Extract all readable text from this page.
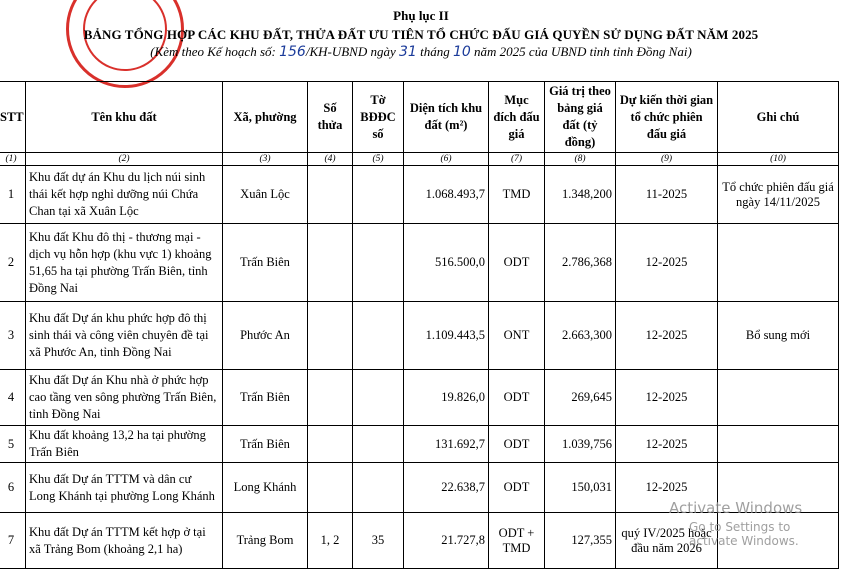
Phụ lục II
BẢNG TỔNG HỢP CÁC KHU ĐẤT, THỬA ĐẤT ƯU TIÊN TỔ CHỨC ĐẤU GIÁ QUYỀN SỬ DỤNG ĐẤT NĂM 2025
(Kèm theo Kế hoạch số: 156/KH-UBND ngày 31 tháng 10 năm 2025 của UBND tỉnh tỉnh Đồng Nai)
STT	Tên khu đất	Xã, phường	Số thửa	Tờ BĐĐC số	Diện tích khu đất (m²)	Mục đích đấu giá	Giá trị theo bảng giá đất (tỷ đồng)	Dự kiến thời gian tổ chức phiên đấu giá	Ghi chú
(1)	(2)	(3)	(4)	(5)	(6)	(7)	(8)	(9)	(10)
1	Khu đất dự án Khu du lịch núi sinh thái kết hợp nghỉ dưỡng núi Chứa Chan tại xã Xuân Lộc	Xuân Lộc			1.068.493,7	TMD	1.348,200	11-2025	Tổ chức phiên đấu giá ngày 14/11/2025
2	Khu đất Khu đô thị - thương mại - dịch vụ hỗn hợp (khu vực 1) khoảng 51,65 ha tại phường Trấn Biên, tỉnh Đồng Nai	Trấn Biên			516.500,0	ODT	2.786,368	12-2025	
3	Khu đất Dự án khu phức hợp đô thị sinh thái và công viên chuyên đề tại xã Phước An, tỉnh Đồng Nai	Phước An			1.109.443,5	ONT	2.663,300	12-2025	Bổ sung mới
4	Khu đất Dự án Khu nhà ở phức hợp cao tầng ven sông phường Trấn Biên, tỉnh Đồng Nai	Trấn Biên			19.826,0	ODT	269,645	12-2025	
5	Khu đất khoảng 13,2 ha tại phường Trấn Biên	Trấn Biên			131.692,7	ODT	1.039,756	12-2025	
6	Khu đất Dự án TTTM và dân cư Long Khánh tại phường Long Khánh	Long Khánh			22.638,7	ODT	150,031	12-2025	
7	Khu đất Dự án TTTM kết hợp ở tại xã Trảng Bom (khoảng 2,1 ha)	Trảng Bom	1, 2	35	21.727,8	ODT + TMD	127,355	quý IV/2025 hoặc đầu năm 2026	
Activate Windows
Go to Settings to activate Windows.
